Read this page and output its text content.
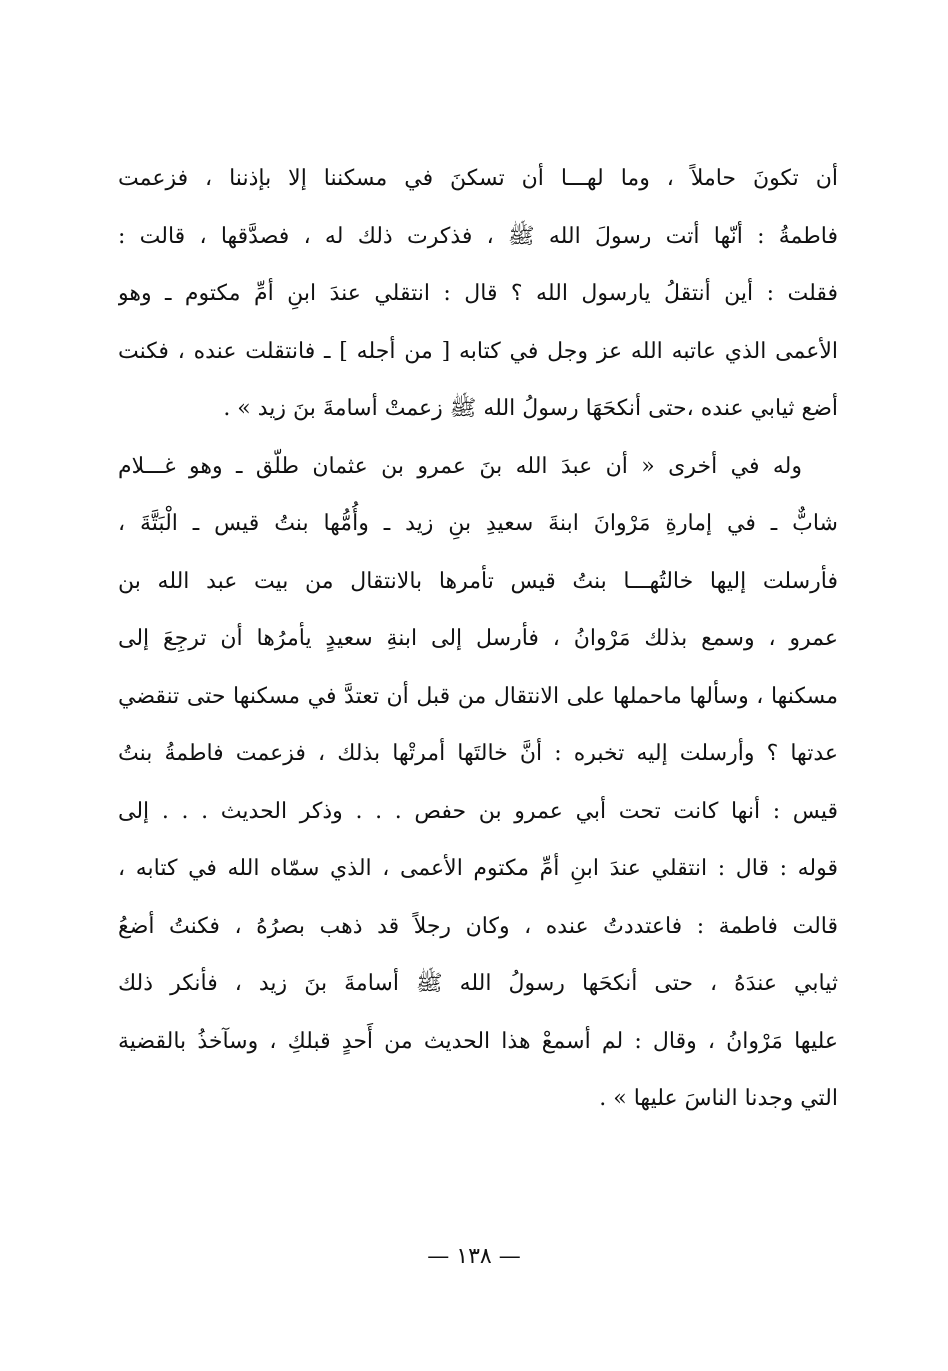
أن تكونَ حاملاً ، وما لهـــا أن تسكنَ في مسكننا إلا بإذننا ، فزعمت
فاطمةُ : أنّها أتت رسولَ الله ﷺ ، فذكرت ذلك له ، فصدَّقها ، قالت :
فقلت : أين أنتقلُ يارسول الله ؟ قال : انتقلي عندَ ابنِ أمِّ مكتوم ـ وهو
الأعمى الذي عاتبه الله عز وجل في كتابه [ من أجله ] ـ فانتقلت عنده ، فكنت
أضع ثيابي عنده ،حتى أنكحَهَا رسولُ الله ﷺ زعمتْ أسامةَ بنَ زيد » .
وله في أخرى « أن عبدَ الله بنَ عمرو بن عثمان طلّق ـ وهو غـــلام
شابٌّ ـ في إمارةِ مَرْوانَ ابنةَ سعيدِ بنِ زيد ـ وأُمُّها بنتُ قيس ـ الْبَتَّةَ ،
فأرسلت إليها خالتُهـــا بنتُ قيس تأمرها بالانتقال من بيت عبد الله بن
عمرو ، وسمع بذلك مَرْوانُ ، فأرسل إلى ابنةِ سعيدٍ يأمرُها أن ترجِعَ إلى
مسكنها ، وسألها ماحملها على الانتقال من قبل أن تعتدَّ في مسكنها حتى تنقضي
عدتها ؟ وأرسلت إليه تخبره : أنَّ خالتَها أمرتْها بذلك ، فزعمت فاطمةُ بنتُ
قيس : أنها كانت تحت أبي عمرو بن حفص . . . وذكر الحديث . . . إلى
قوله : قال : انتقلي عندَ ابنِ أمِّ مكتوم الأعمى ، الذي سمّاه الله في كتابه ،
قالت فاطمة : فاعتددتُ عنده ، وكان رجلاً قد ذهب بصرُهُ ، فكنتُ أضعُ
ثيابي عندَهُ ، حتى أنكحَها رسولُ الله ﷺ أسامةَ بنَ زيد ، فأنكر ذلك
عليها مَرْوانُ ، وقال : لم أسمعْ هذا الحديث من أَحدٍ قبلكِ ، وسآخذُ بالقضية
التي وجدنا الناسَ عليها » .
— ١٣٨ —
